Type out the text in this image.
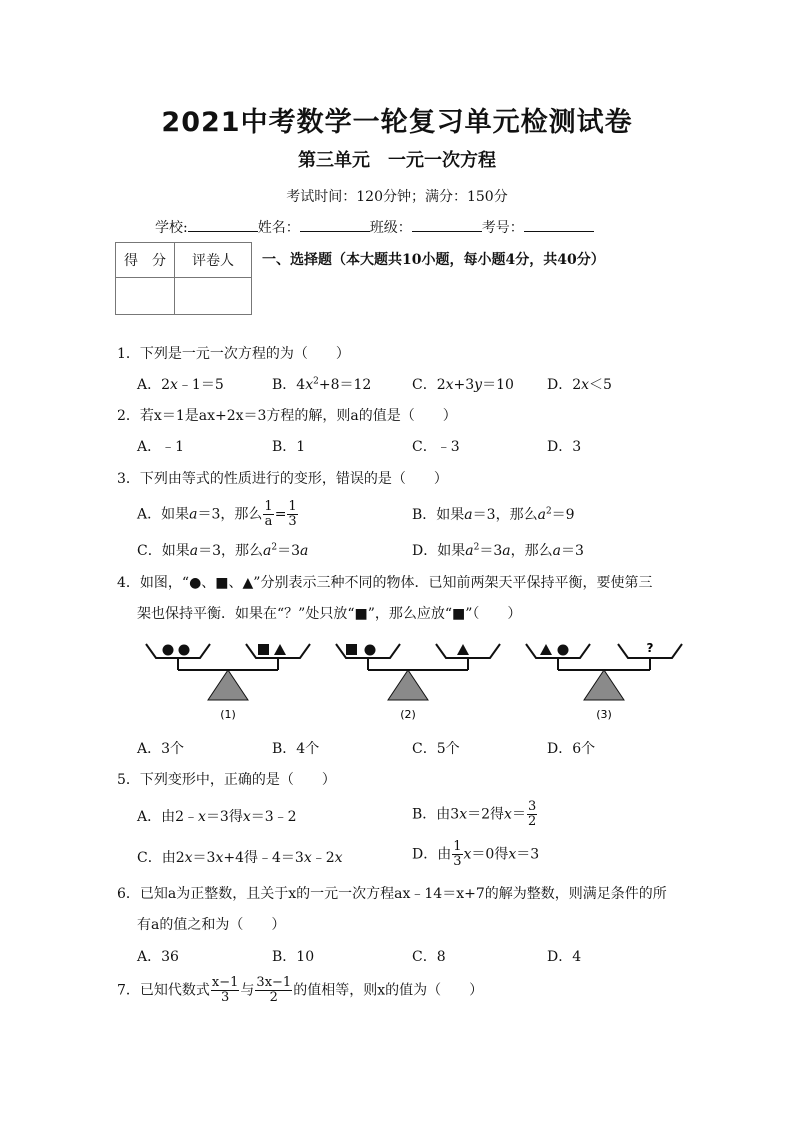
2021中考数学一轮复习单元检测试卷
第三单元　一元一次方程
考试时间：120分钟；满分：150分
学校:	姓名：	班级：	考号：
得　分	评卷人
	一、选择题（本大题共10小题，每小题4分，共40分）
1．下列是一元一次方程的为（　　）
A．2x﹣1＝5	B．$4x^2+8=12$	C．2x+3y＝10 D．2x＜5
2．若x＝1是ax+2x＝3方程的解，则a的值是（　　）
A．﹣1	B．1	C．﹣3	D．3
3．下列由等式的性质进行的变形，错误的是（　　）
A．如果a＝3，那么 $\frac{1}{a} = \frac{1}{3}$	B．如果a＝3，那么$a^2=9$
C．如果a＝3，那么$a^2=3a$	D．如果$a^2=3a$，那么a＝3
4．如图，“●、■、▲”分别表示三种不同的物体．已知前两架天平保持平衡，要使第三
架也保持平衡．如果在“？”处只放“■”，那么应放“■”（　　）
(1)	(2)
?
(3)
A．3个	B．4个	C．5个	D．6个
5．下列变形中，正确的是（　　）
A．由2﹣x＝3得x＝3﹣2	B．由3x＝2得$x= \frac{3}{2}$
C．由2x＝3x+4得﹣4＝3x﹣2x	D．由 $\frac{1}{3} x=0$得x＝3
6．已知a为正整数，且关于x的一元一次方程ax﹣14＝x+7的解为整数，则满足条件的所
有a的值之和为（　　）
A．36	B．10	C．8	D．4
7．已知代数式 $\frac{x-1}{3}$ 与 $\frac{3x-1}{2}$ 的值相等，则x的值为（　　）
